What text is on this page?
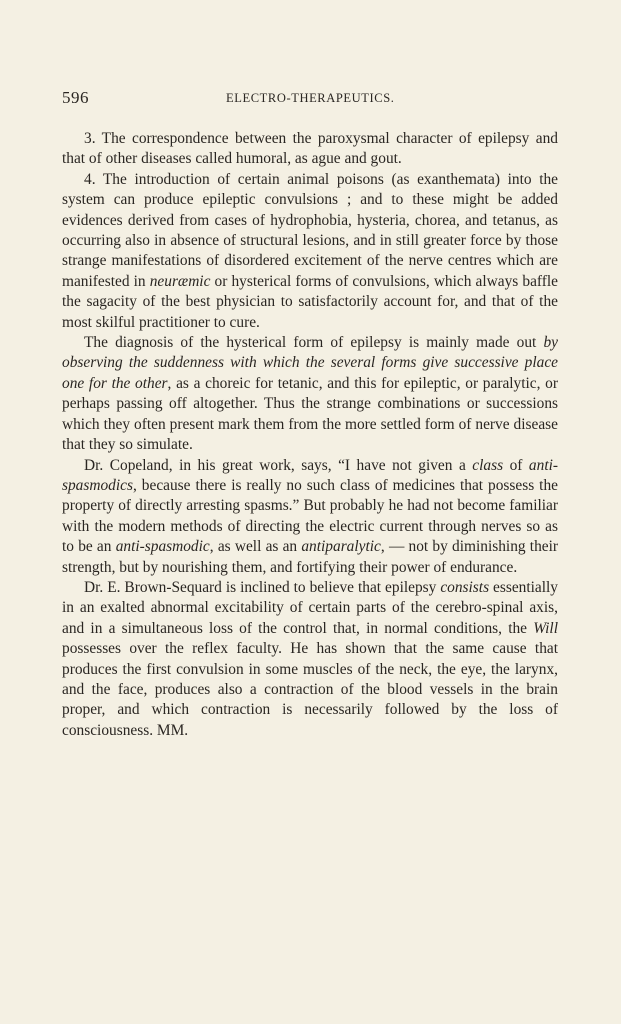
596	ELECTRO-THERAPEUTICS.

3. The correspondence between the paroxysmal character of epilepsy and that of other diseases called humoral, as ague and gout.

4. The introduction of certain animal poisons (as exanthemata) into the system can produce epileptic convulsions ; and to these might be added evidences derived from cases of hydrophobia, hysteria, chorea, and tetanus, as occurring also in absence of structural lesions, and in still greater force by those strange manifestations of disordered excitement of the nerve centres which are manifested in neuræmic or hysterical forms of convulsions, which always baffle the sagacity of the best physician to satisfactorily account for, and that of the most skilful practitioner to cure.

The diagnosis of the hysterical form of epilepsy is mainly made out by observing the suddenness with which the several forms give successive place one for the other, as a choreic for tetanic, and this for epileptic, or paralytic, or perhaps passing off altogether. Thus the strange combinations or successions which they often present mark them from the more settled form of nerve disease that they so simulate.

Dr. Copeland, in his great work, says, “I have not given a class of anti-spasmodics, because there is really no such class of medicines that possess the property of directly arresting spasms.” But probably he had not become familiar with the modern methods of directing the electric current through nerves so as to be an anti-spasmodic, as well as an antiparalytic, — not by diminishing their strength, but by nourishing them, and fortifying their power of endurance.

Dr. E. Brown-Sequard is inclined to believe that epilepsy consists essentially in an exalted abnormal excitability of certain parts of the cerebro-spinal axis, and in a simultaneous loss of the control that, in normal conditions, the Will possesses over the reflex faculty. He has shown that the same cause that produces the first convulsion in some muscles of the neck, the eye, the larynx, and the face, produces also a contraction of the blood vessels in the brain proper, and which contraction is necessarily followed by the loss of consciousness. MM.
